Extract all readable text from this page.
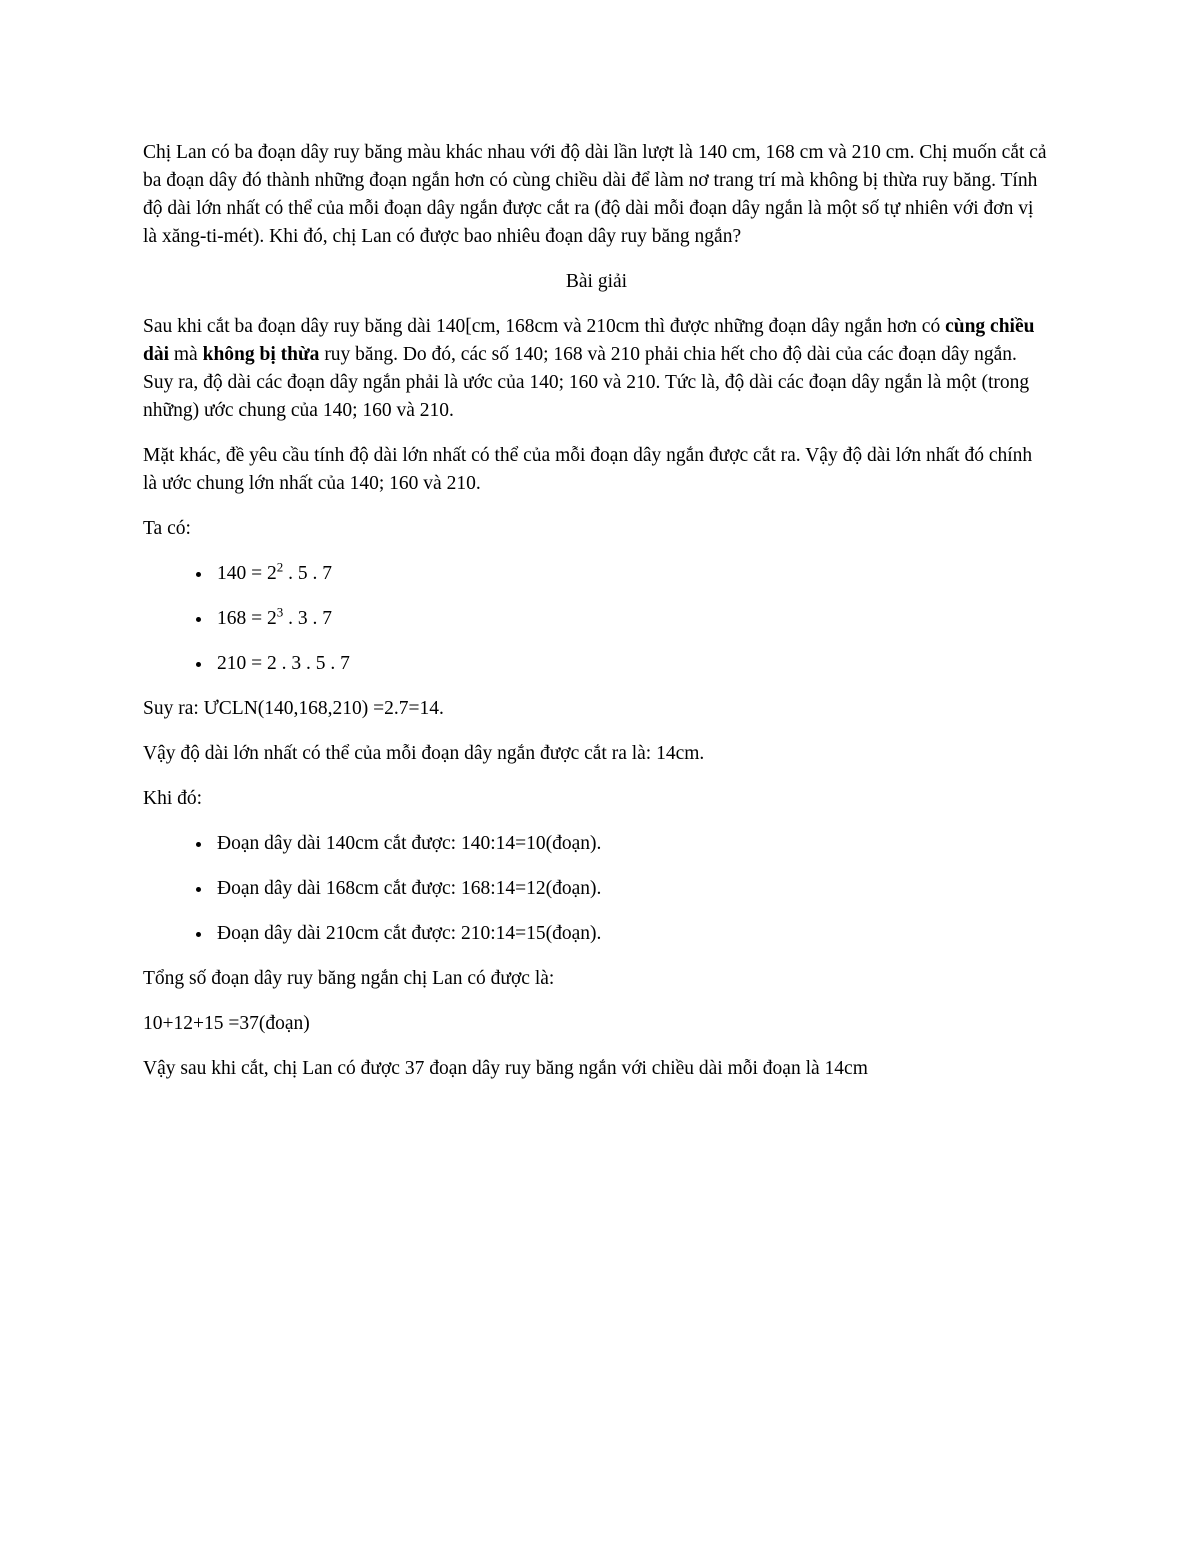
Chị Lan có ba đoạn dây ruy băng màu khác nhau với độ dài lần lượt là 140 cm, 168 cm và 210 cm. Chị muốn cắt cả ba đoạn dây đó thành những đoạn ngắn hơn có cùng chiều dài để làm nơ trang trí mà không bị thừa ruy băng. Tính độ dài lớn nhất có thể của mỗi đoạn dây ngắn được cắt ra (độ dài mỗi đoạn dây ngắn là một số tự nhiên với đơn vị là xăng-ti-mét). Khi đó, chị Lan có được bao nhiêu đoạn dây ruy băng ngắn?

Bài giải

Sau khi cắt ba đoạn dây ruy băng dài 140[cm, 168cm và 210cm thì được những đoạn dây ngắn hơn có cùng chiều dài mà không bị thừa ruy băng. Do đó, các số 140; 168 và 210 phải chia hết cho độ dài của các đoạn dây ngắn. Suy ra, độ dài các đoạn dây ngắn phải là ước của 140; 160 và 210. Tức là, độ dài các đoạn dây ngắn là một (trong những) ước chung của 140; 160 và 210.

Mặt khác, đề yêu cầu tính độ dài lớn nhất có thể của mỗi đoạn dây ngắn được cắt ra. Vậy độ dài lớn nhất đó chính là ước chung lớn nhất của 140; 160 và 210.

Ta có:

• $140 = 2^2$ . 5 . 7
• $168 = 2^3$ . 3 . 7
• 210 = 2 . 3 . 5 . 7

Suy ra: ƯCLN(140,168,210) =2.7=14.

Vậy độ dài lớn nhất có thể của mỗi đoạn dây ngắn được cắt ra là: 14cm.

Khi đó:

• Đoạn dây dài 140cm cắt được: 140:14=10(đoạn).
• Đoạn dây dài 168cm cắt được: 168:14=12(đoạn).
• Đoạn dây dài 210cm cắt được: 210:14=15(đoạn).

Tổng số đoạn dây ruy băng ngắn chị Lan có được là:

10+12+15 =37(đoạn)

Vậy sau khi cắt, chị Lan có được 37 đoạn dây ruy băng ngắn với chiều dài mỗi đoạn là 14cm
